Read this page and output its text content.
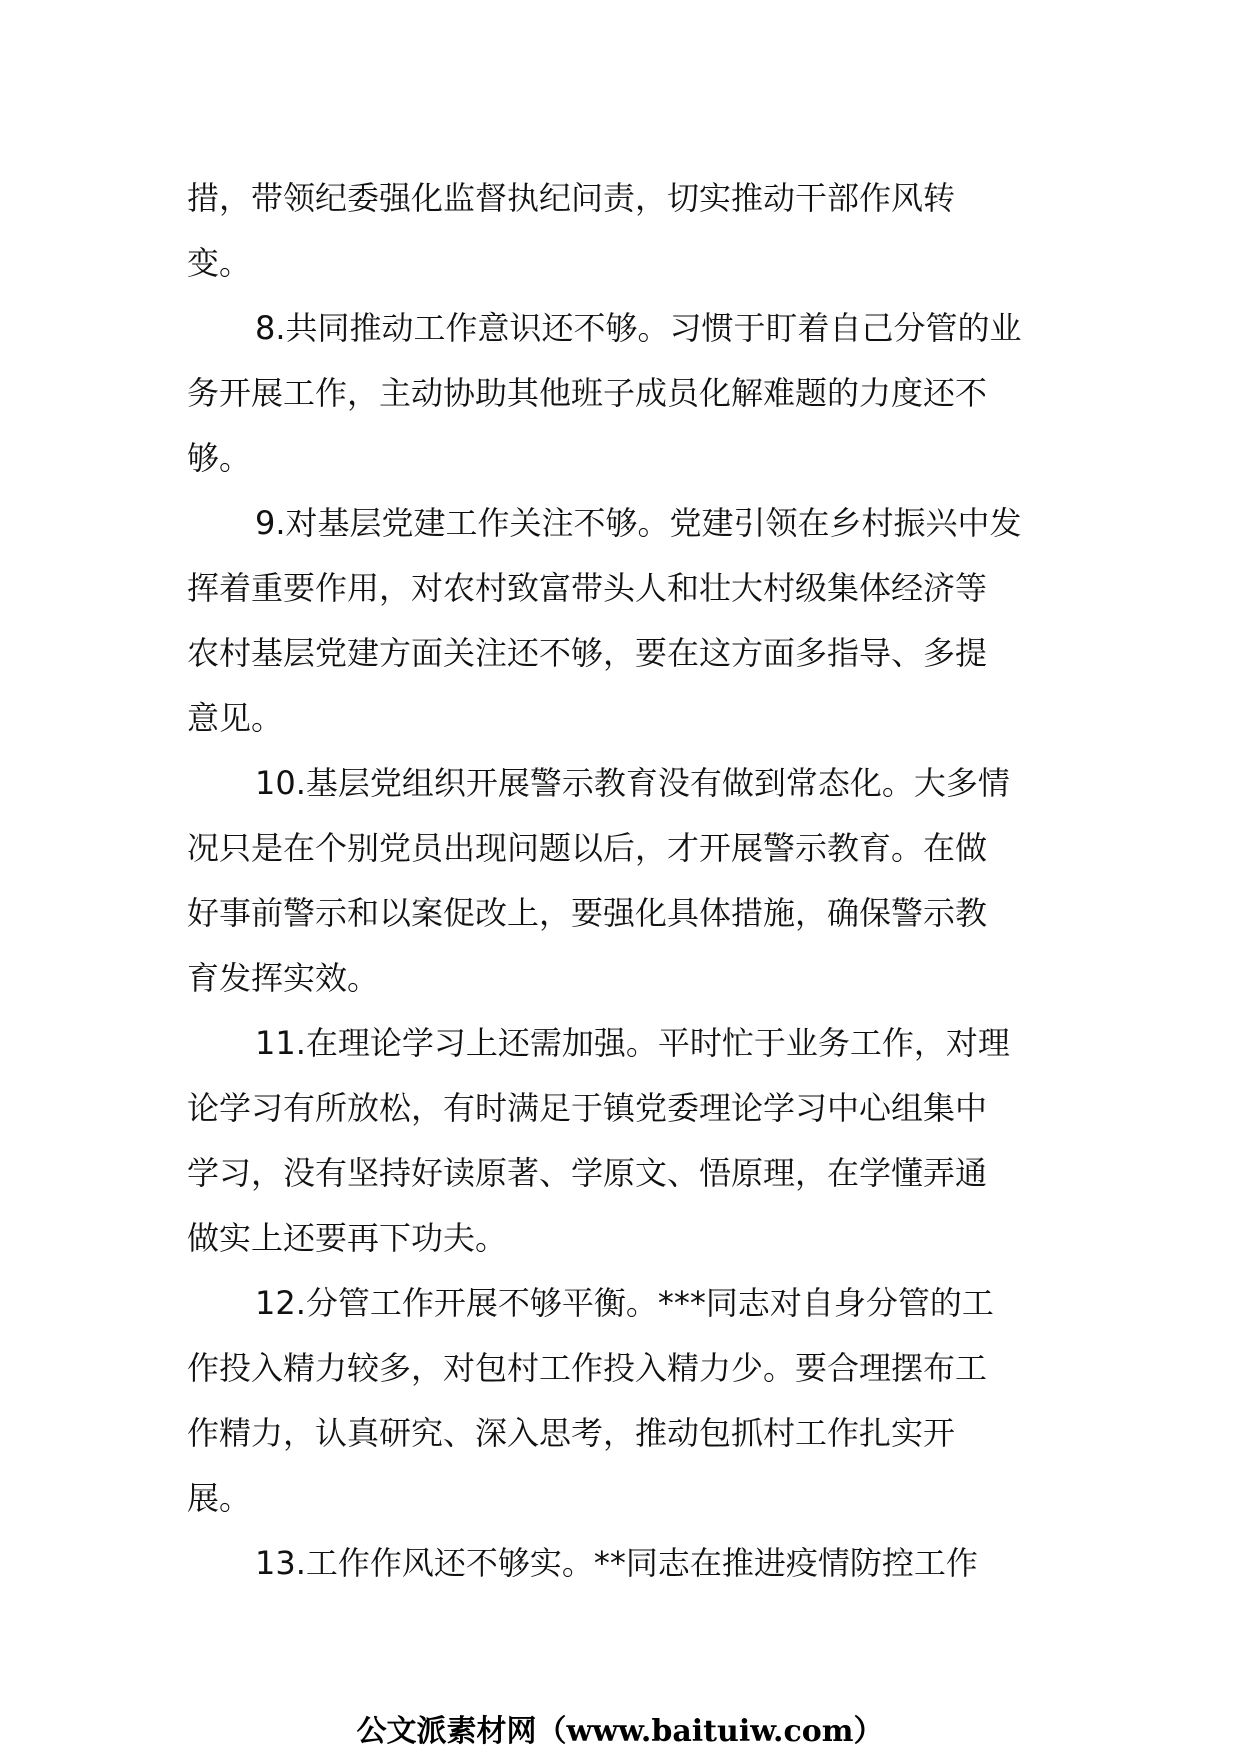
措，带领纪委强化监督执纪问责，切实推动干部作风转
变。
8.共同推动工作意识还不够。习惯于盯着自己分管的业
务开展工作，主动协助其他班子成员化解难题的力度还不
够。
9.对基层党建工作关注不够。党建引领在乡村振兴中发
挥着重要作用，对农村致富带头人和壮大村级集体经济等
农村基层党建方面关注还不够，要在这方面多指导、多提
意见。
10.基层党组织开展警示教育没有做到常态化。大多情
况只是在个别党员出现问题以后，才开展警示教育。在做
好事前警示和以案促改上，要强化具体措施，确保警示教
育发挥实效。
11.在理论学习上还需加强。平时忙于业务工作，对理
论学习有所放松，有时满足于镇党委理论学习中心组集中
学习，没有坚持好读原著、学原文、悟原理，在学懂弄通
做实上还要再下功夫。
12.分管工作开展不够平衡。***同志对自身分管的工
作投入精力较多，对包村工作投入精力少。要合理摆布工
作精力，认真研究、深入思考，推动包抓村工作扎实开
展。
13.工作作风还不够实。**同志在推进疫情防控工作
公文派素材网（www.baituiw.com）
